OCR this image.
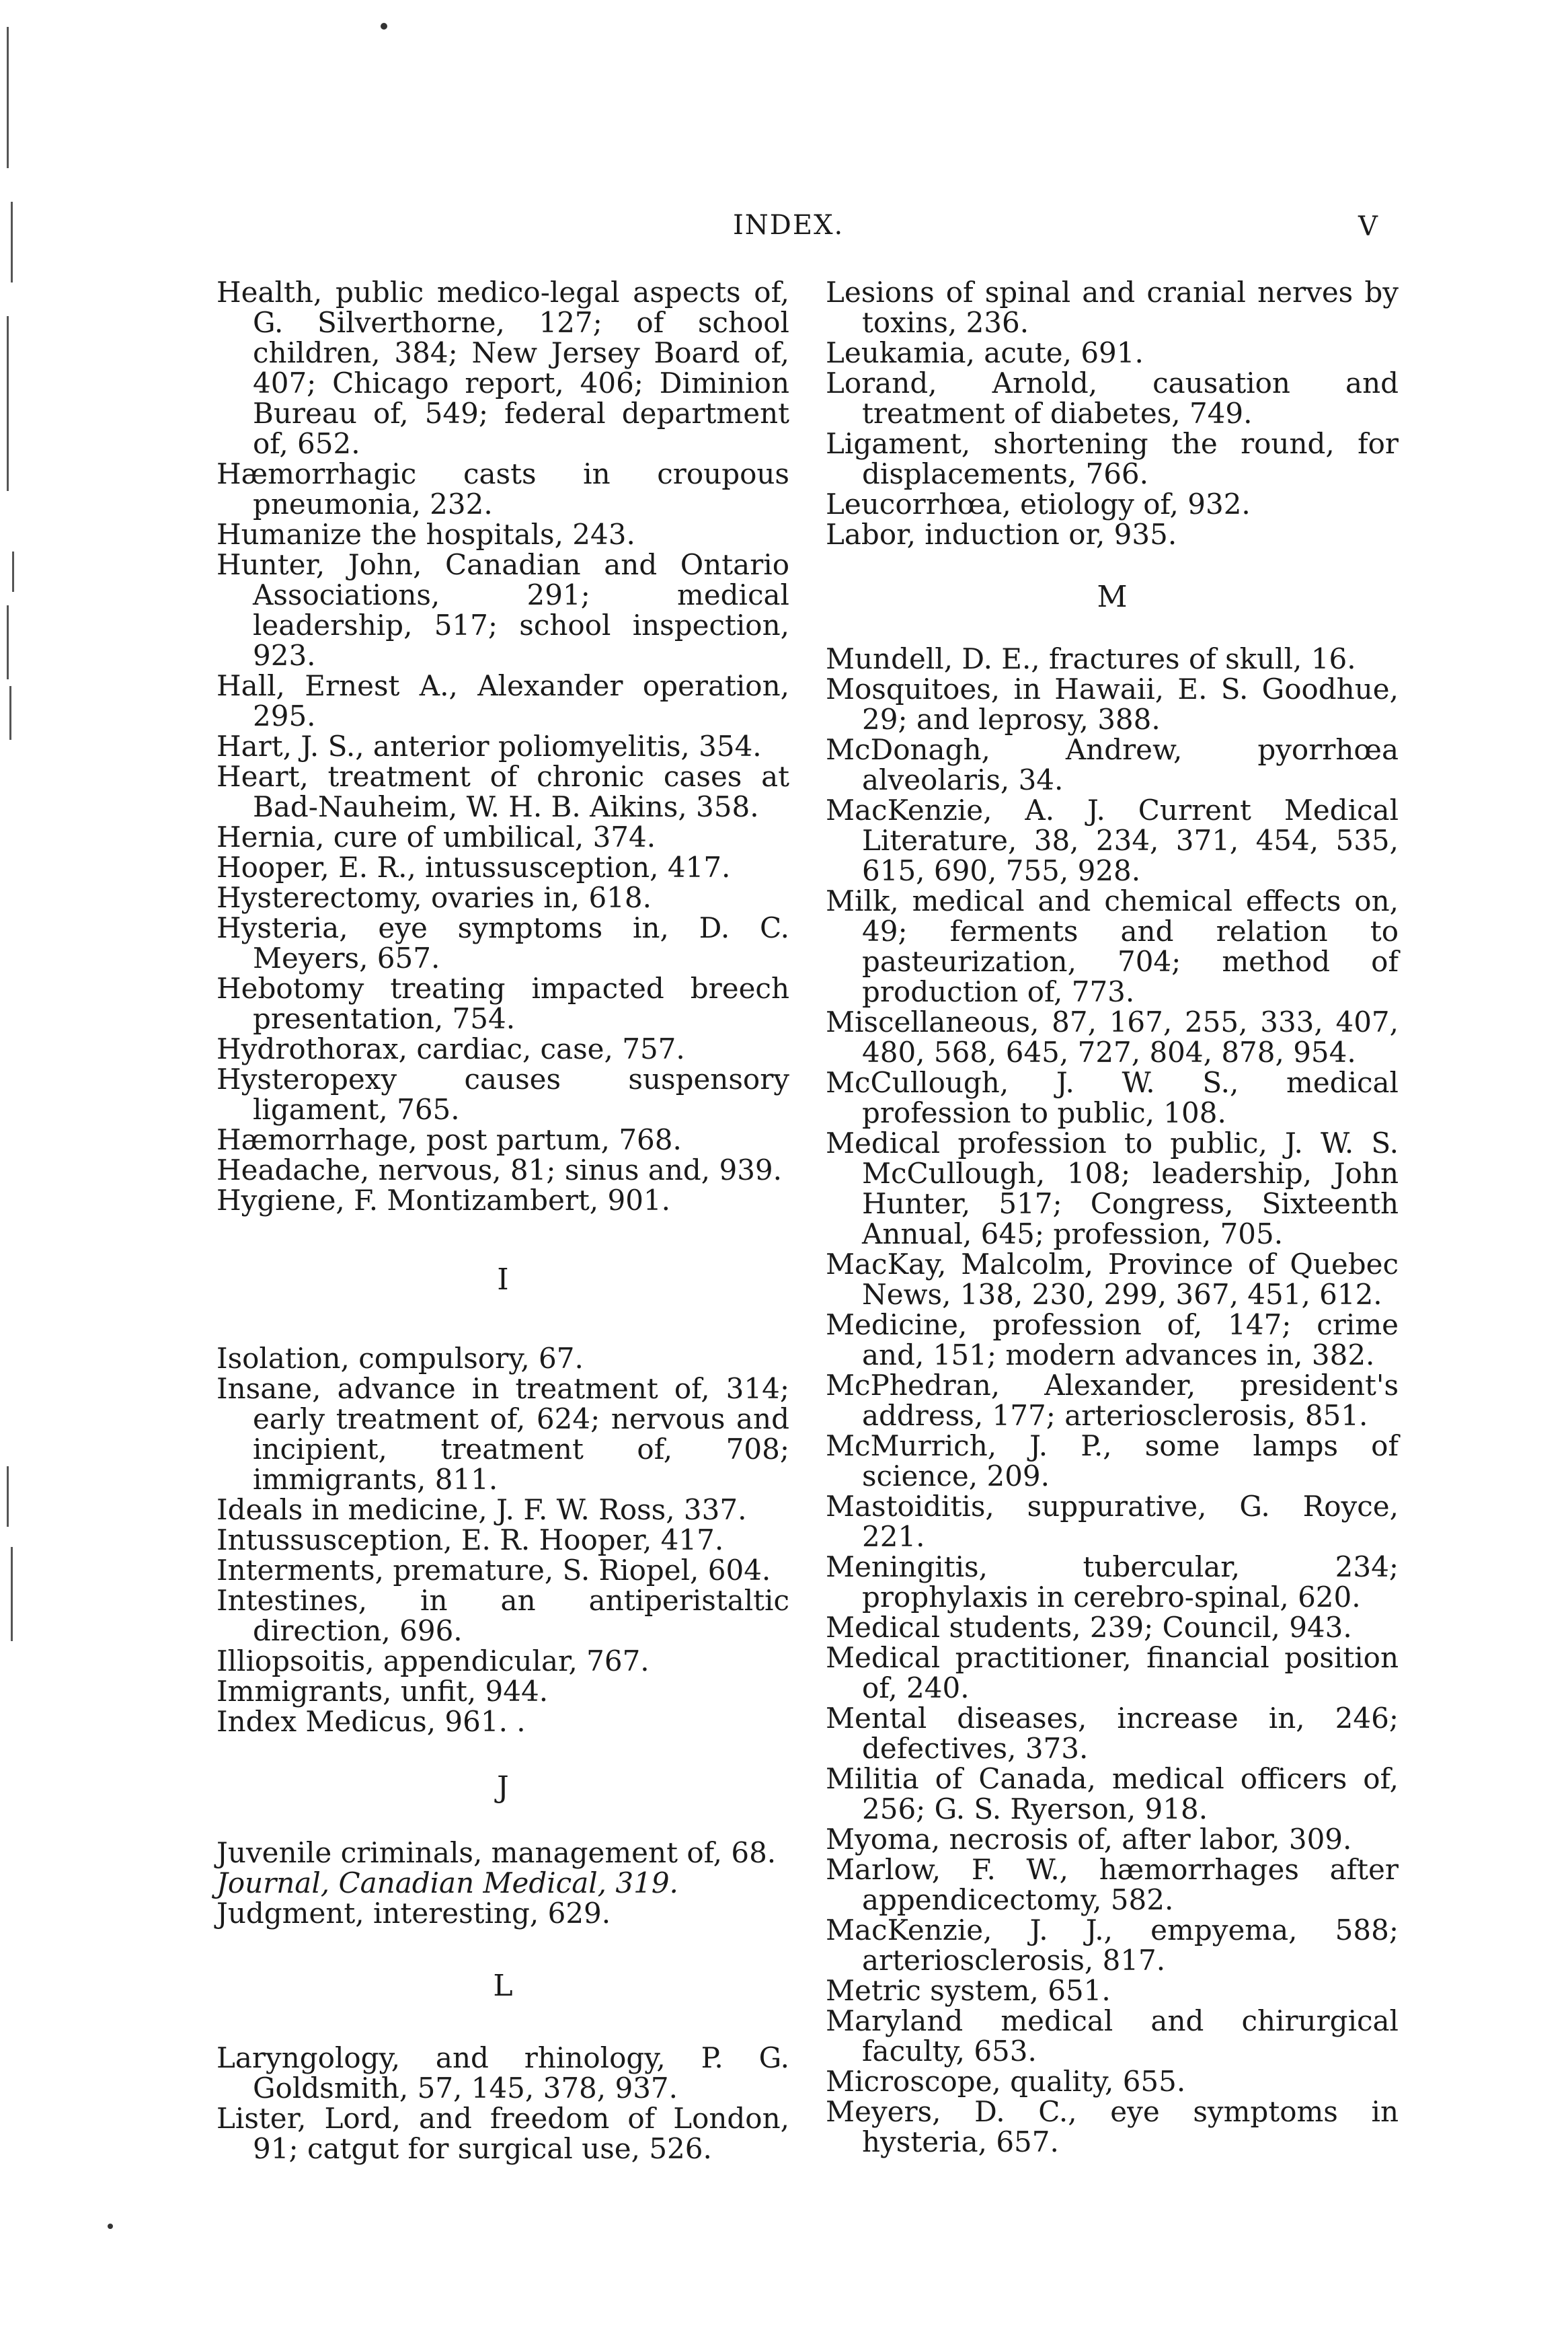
INDEX.	V

Health, public medico-legal aspects of, G. Silverthorne, 127; of school children, 384; New Jersey Board of, 407; Chicago report, 406; Diminion Bureau of, 549; federal department of, 652.

Hæmorrhagic casts in croupous pneumonia, 232.

Humanize the hospitals, 243.

Hunter, John, Canadian and Ontario Associations, 291; medical leadership, 517; school inspection, 923.

Hall, Ernest A., Alexander operation, 295.

Hart, J. S., anterior poliomyelitis, 354.

Heart, treatment of chronic cases at Bad-Nauheim, W. H. B. Aikins, 358.

Hernia, cure of umbilical, 374.

Hooper, E. R., intussusception, 417.

Hysterectomy, ovaries in, 618.

Hysteria, eye symptoms in, D. C. Meyers, 657.

Hebotomy treating impacted breech presentation, 754.

Hydrothorax, cardiac, case, 757.

Hysteropexy causes suspensory ligament, 765.

Hæmorrhage, post partum, 768.

Headache, nervous, 81; sinus and, 939.

Hygiene, F. Montizambert, 901.

I

Isolation, compulsory, 67.

Insane, advance in treatment of, 314; early treatment of, 624; nervous and incipient, treatment of, 708; immigrants, 811.

Ideals in medicine, J. F. W. Ross, 337.

Intussusception, E. R. Hooper, 417.

Interments, premature, S. Riopel, 604.

Intestines, in an antiperistaltic direction, 696.

Illiopsoitis, appendicular, 767.

Immigrants, unfit, 944.

Index Medicus, 961. .

J

Juvenile criminals, management of, 68.

Journal, Canadian Medical, 319.

Judgment, interesting, 629.

L

Laryngology, and rhinology, P. G. Goldsmith, 57, 145, 378, 937.

Lister, Lord, and freedom of London, 91; catgut for surgical use, 526.

Lesions of spinal and cranial nerves by toxins, 236.

Leukamia, acute, 691.

Lorand, Arnold, causation and treatment of diabetes, 749.

Ligament, shortening the round, for displacements, 766.

Leucorrhœa, etiology of, 932.

Labor, induction or, 935.

M

Mundell, D. E., fractures of skull, 16.

Mosquitoes, in Hawaii, E. S. Goodhue, 29; and leprosy, 388.

McDonagh, Andrew, pyorrhœa alveolaris, 34.

MacKenzie, A. J. Current Medical Literature, 38, 234, 371, 454, 535, 615, 690, 755, 928.

Milk, medical and chemical effects on, 49; ferments and relation to pasteurization, 704; method of production of, 773.

Miscellaneous, 87, 167, 255, 333, 407, 480, 568, 645, 727, 804, 878, 954.

McCullough, J. W. S., medical profession to public, 108.

Medical profession to public, J. W. S. McCullough, 108; leadership, John Hunter, 517; Congress, Sixteenth Annual, 645; profession, 705.

MacKay, Malcolm, Province of Quebec News, 138, 230, 299, 367, 451, 612.

Medicine, profession of, 147; crime and, 151; modern advances in, 382.

McPhedran, Alexander, president's address, 177; arteriosclerosis, 851.

McMurrich, J. P., some lamps of science, 209.

Mastoiditis, suppurative, G. Royce, 221.

Meningitis, tubercular, 234; prophylaxis in cerebro-spinal, 620.

Medical students, 239; Council, 943.

Medical practitioner, financial position of, 240.

Mental diseases, increase in, 246; defectives, 373.

Militia of Canada, medical officers of, 256; G. S. Ryerson, 918.

Myoma, necrosis of, after labor, 309.

Marlow, F. W., hæmorrhages after appendicectomy, 582.

MacKenzie, J. J., empyema, 588; arteriosclerosis, 817.

Metric system, 651.

Maryland medical and chirurgical faculty, 653.

Microscope, quality, 655.

Meyers, D. C., eye symptoms in hysteria, 657.
